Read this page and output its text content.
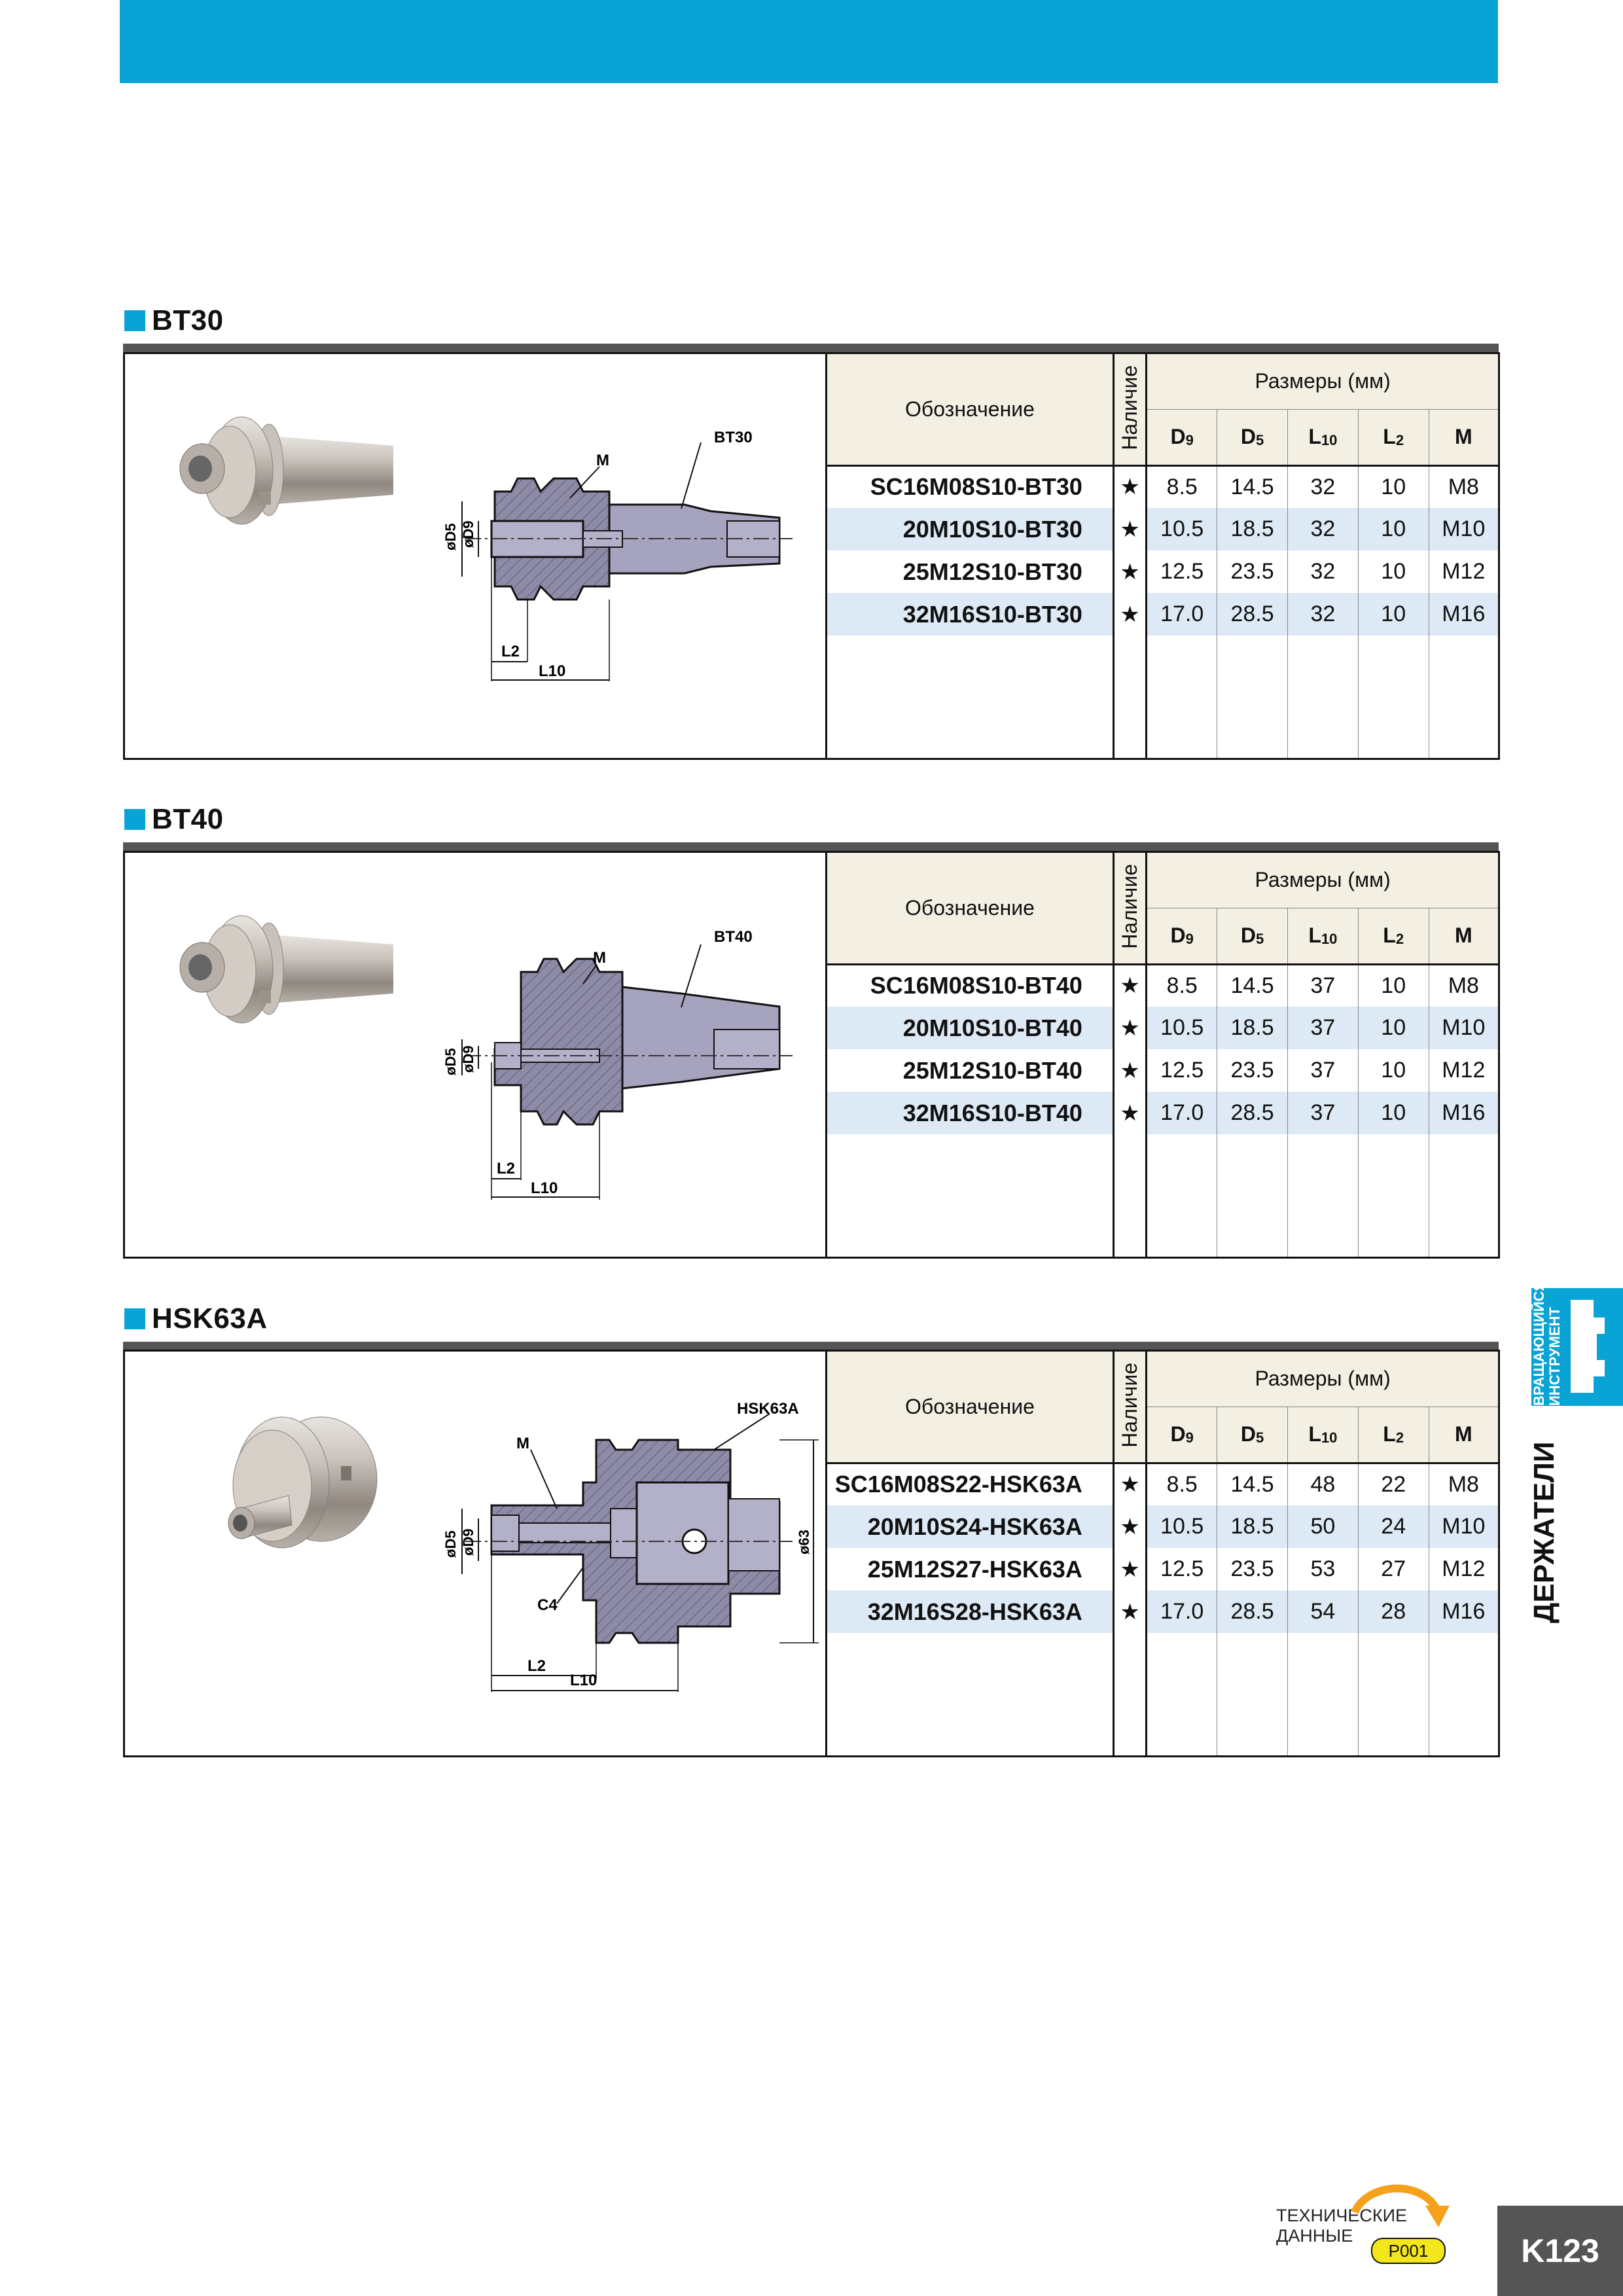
BT30
M
BT30
øD5 øD9
L2
L10
Обозначение	Наличие	Размеры (мм)				
		$D_9$	$D_5$	$L_{10}$	$L_2$	M
SC16M08S10-BT30	★	8.5	14.5	32	10	M8
20M10S10-BT30	★	10.5	18.5	32	10	M10
25M12S10-BT30	★	12.5	23.5	32	10	M12
32M16S10-BT30	★	17.0	28.5	32	10	M16

BT40
M
BT40
øD5 øD9
L2
L10
Обозначение	Наличие	Размеры (мм)				
		$D_9$	$D_5$	$L_{10}$	$L_2$	M
SC16M08S10-BT40	★	8.5	14.5	37	10	M8
20M10S10-BT40	★	10.5	18.5	37	10	M10
25M12S10-BT40	★	12.5	23.5	37	10	M12
32M16S10-BT40	★	17.0	28.5	37	10	M16

HSK63A
M
HSK63A
ø63
C4
øD5 øD9
L2
L10
Обозначение	Наличие	Размеры (мм)				
		$D_9$	$D_5$	$L_{10}$	$L_2$	M
SC16M08S22-HSK63A	★	8.5	14.5	48	22	M8
20M10S24-HSK63A	★	10.5	18.5	50	24	M10
25M12S27-HSK63A	★	12.5	23.5	53	27	M12
32M16S28-HSK63A	★	17.0	28.5	54	28	M16

ВРАЩАЮЩИЙСЯ
ИНСТРУМЕНТ
ДЕРЖАТЕЛИ
ТЕХНИЧЕСКИЕ
ДАННЫЕ
P001	K123
